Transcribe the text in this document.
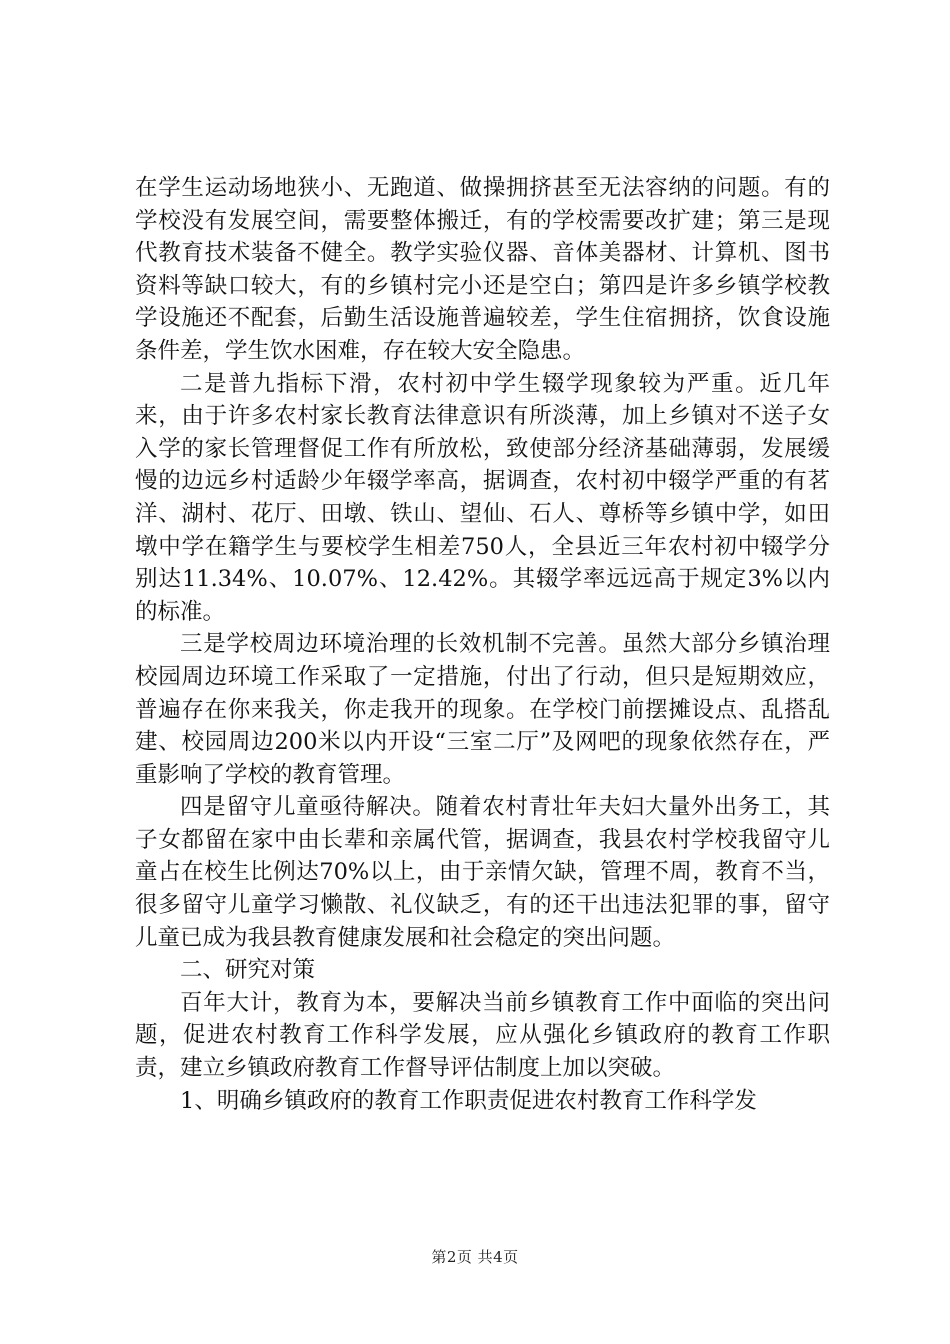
在学生运动场地狭小、无跑道、做操拥挤甚至无法容纳的问题。有的学校没有发展空间，需要整体搬迁，有的学校需要改扩建；第三是现代教育技术装备不健全。教学实验仪器、音体美器材、计算机、图书资料等缺口较大，有的乡镇村完小还是空白；第四是许多乡镇学校教学设施还不配套，后勤生活设施普遍较差，学生住宿拥挤，饮食设施条件差，学生饮水困难，存在较大安全隐患。

二是普九指标下滑，农村初中学生辍学现象较为严重。近几年来，由于许多农村家长教育法律意识有所淡薄，加上乡镇对不送子女入学的家长管理督促工作有所放松，致使部分经济基础薄弱，发展缓慢的边远乡村适龄少年辍学率高，据调查，农村初中辍学严重的有茗洋、湖村、花厅、田墩、铁山、望仙、石人、尊桥等乡镇中学，如田墩中学在籍学生与要校学生相差750人，全县近三年农村初中辍学分别达11.34%、10.07%、12.42%。其辍学率远远高于规定3%以内的标准。

三是学校周边环境治理的长效机制不完善。虽然大部分乡镇治理校园周边环境工作采取了一定措施，付出了行动，但只是短期效应，普遍存在你来我关，你走我开的现象。在学校门前摆摊设点、乱搭乱建、校园周边200米以内开设“三室二厅”及网吧的现象依然存在，严重影响了学校的教育管理。

四是留守儿童亟待解决。随着农村青壮年夫妇大量外出务工，其子女都留在家中由长辈和亲属代管，据调查，我县农村学校我留守儿童占在校生比例达70%以上，由于亲情欠缺，管理不周，教育不当，很多留守儿童学习懒散、礼仪缺乏，有的还干出违法犯罪的事，留守儿童已成为我县教育健康发展和社会稳定的突出问题。

二、研究对策

百年大计，教育为本，要解决当前乡镇教育工作中面临的突出问题，促进农村教育工作科学发展，应从强化乡镇政府的教育工作职责，建立乡镇政府教育工作督导评估制度上加以突破。

1、明确乡镇政府的教育工作职责促进农村教育工作科学发

第2页 共4页
